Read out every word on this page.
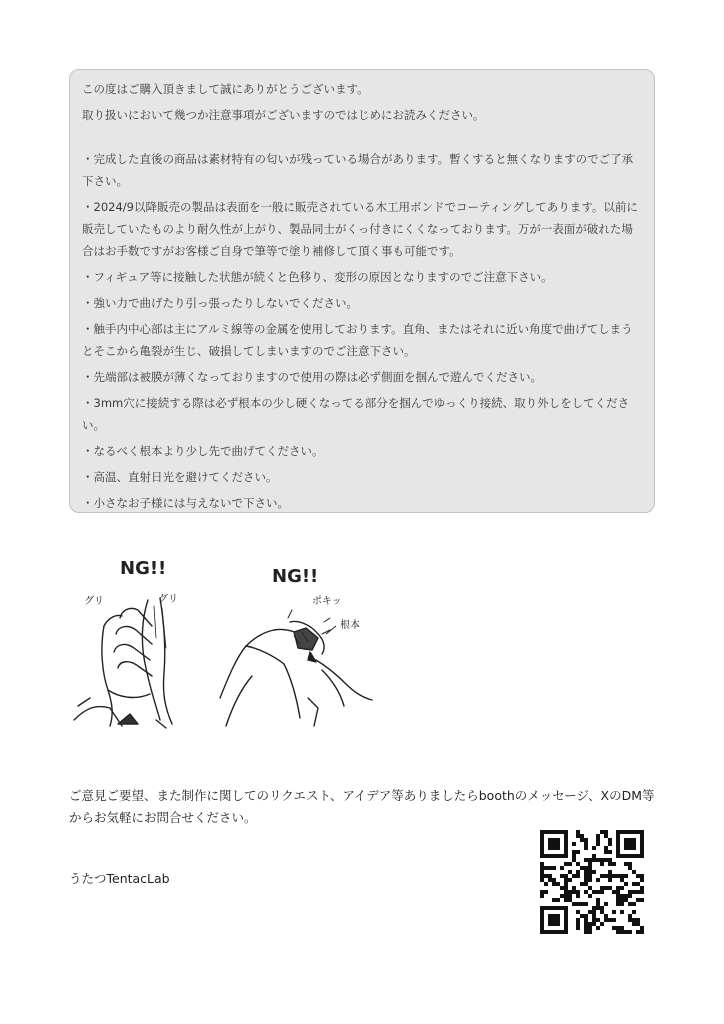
この度はご購入頂きまして誠にありがとうございます。

取り扱いにおいて幾つか注意事項がございますのではじめにお読みください。

・完成した直後の商品は素材特有の匂いが残っている場合があります。暫くすると無くなりますのでご了承下さい。

・2024/9以降販売の製品は表面を一般に販売されている木工用ボンドでコーティングしてあります。以前に販売していたものより耐久性が上がり、製品同士がくっ付きにくくなっております。万が一表面が破れた場合はお手数ですがお客様ご自身で筆等で塗り補修して頂く事も可能です。

・フィギュア等に接触した状態が続くと色移り、変形の原因となりますのでご注意下さい。

・強い力で曲げたり引っ張ったりしないでください。

・触手内中心部は主にアルミ線等の金属を使用しております。直角、またはそれに近い角度で曲げてしまうとそこから亀裂が生じ、破損してしまいますのでご注意下さい。

・先端部は被膜が薄くなっておりますので使用の際は必ず側面を掴んで遊んでください。

・3mm穴に接続する際は必ず根本の少し硬くなってる部分を掴んでゆっくり接続、取り外しをしてください。

・なるべく根本より少し先で曲げてください。

・高温、直射日光を避けてください。

・小さなお子様には与えないで下さい。

NG!!
グリ	グリ
NG!!
ポキッ
根本

ご意見ご要望、また制作に関してのリクエスト、アイデア等ありましたらboothのメッセージ、XのDM等からお気軽にお問合せください。

うたつTentacLab
